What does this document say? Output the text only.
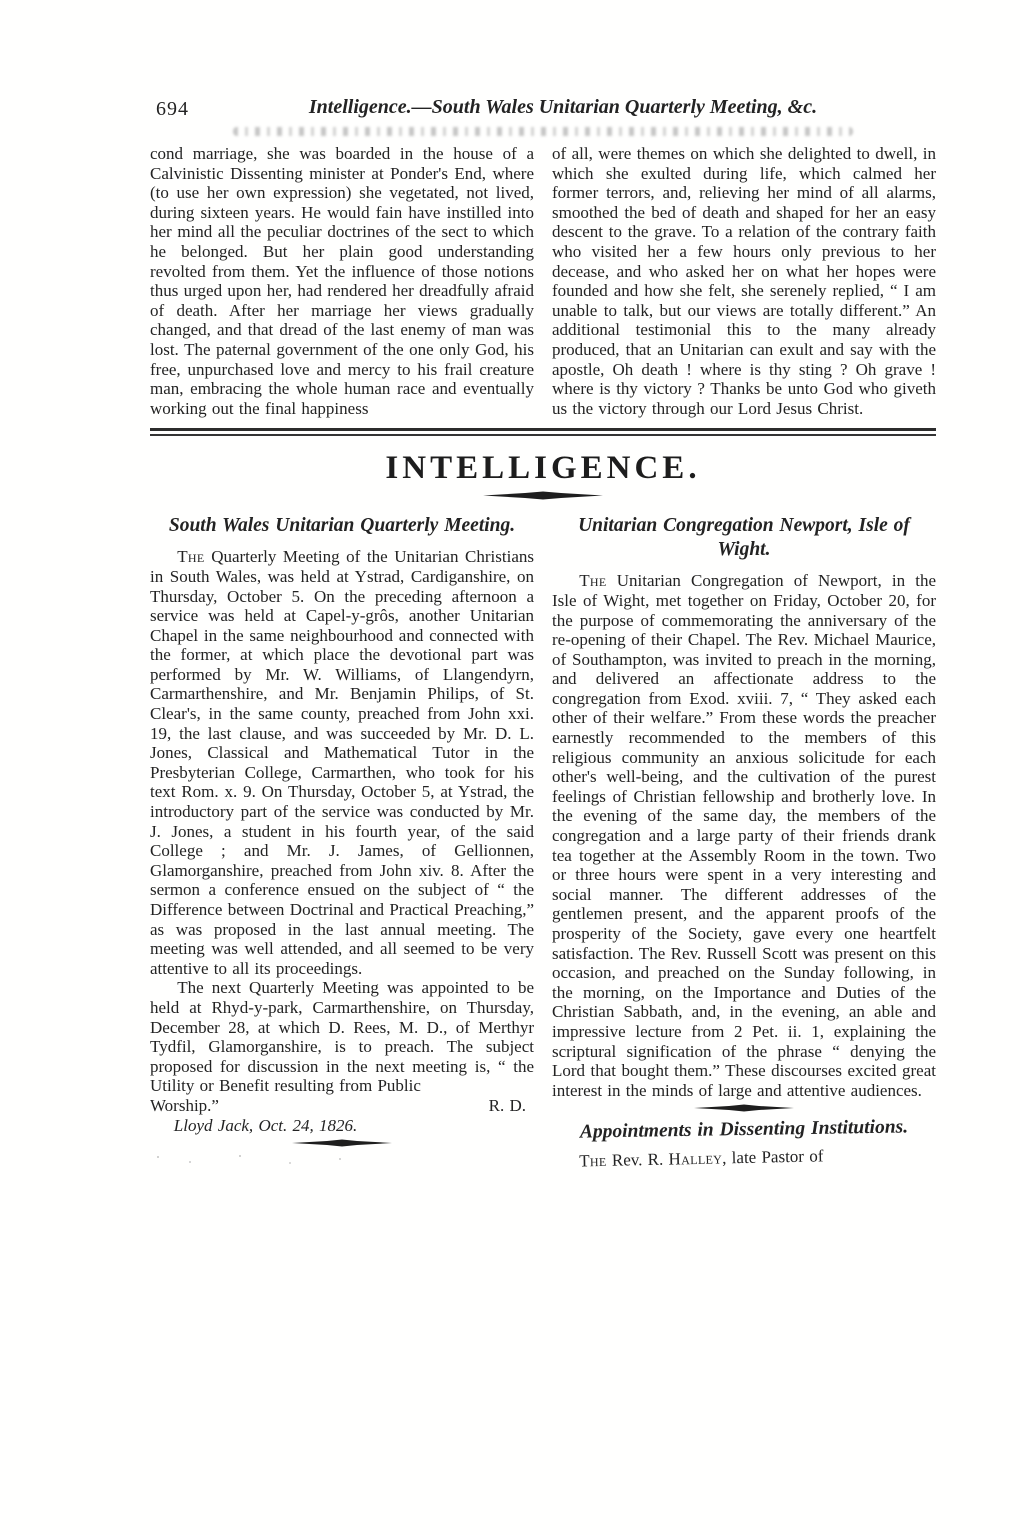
694	Intelligence.—South Wales Unitarian Quarterly Meeting, &c.

cond marriage, she was boarded in the house of a Calvinistic Dissenting minister at Ponder's End, where (to use her own expression) she vegetated, not lived, during sixteen years. He would fain have instilled into her mind all the peculiar doctrines of the sect to which he belonged. But her plain good understanding revolted from them. Yet the influence of those notions thus urged upon her, had rendered her dreadfully afraid of death. After her marriage her views gradually changed, and that dread of the last enemy of man was lost. The paternal government of the one only God, his free, unpurchased love and mercy to his frail creature man, embracing the whole human race and eventually working out the final happiness

of all, were themes on which she delighted to dwell, in which she exulted during life, which calmed her former terrors, and, relieving her mind of all alarms, smoothed the bed of death and shaped for her an easy descent to the grave. To a relation of the contrary faith who visited her a few hours only previous to her decease, and who asked her on what her hopes were founded and how she felt, she serenely replied, “ I am unable to talk, but our views are totally different.” An additional testimonial this to the many already produced, that an Unitarian can exult and say with the apostle, Oh death ! where is thy sting ? Oh grave ! where is thy victory ? Thanks be unto God who giveth us the victory through our Lord Jesus Christ.

INTELLIGENCE.
South Wales Unitarian Quarterly Meeting.

The Quarterly Meeting of the Unitarian Christians in South Wales, was held at Ystrad, Cardiganshire, on Thursday, October 5. On the preceding afternoon a service was held at Capel-y-grôs, another Unitarian Chapel in the same neighbourhood and connected with the former, at which place the devotional part was performed by Mr. W. Williams, of Llangendyrn, Carmarthenshire, and Mr. Benjamin Philips, of St. Clear's, in the same county, preached from John xxi. 19, the last clause, and was succeeded by Mr. D. L. Jones, Classical and Mathematical Tutor in the Presbyterian College, Carmarthen, who took for his text Rom. x. 9. On Thursday, October 5, at Ystrad, the introductory part of the service was conducted by Mr. J. Jones, a student in his fourth year, of the said College ; and Mr. J. James, of Gellionnen, Glamorganshire, preached from John xiv. 8. After the sermon a conference ensued on the subject of “ the Difference between Doctrinal and Practical Preaching,” as was proposed in the last annual meeting. The meeting was well attended, and all seemed to be very attentive to all its proceedings.

The next Quarterly Meeting was appointed to be held at Rhyd-y-park, Carmarthenshire, on Thursday, December 28, at which D. Rees, M. D., of Merthyr Tydfil, Glamorganshire, is to preach. The subject proposed for discussion in the next meeting is, “ the Utility or Benefit resulting from Public

Worship.”	R. D.

Lloyd Jack, Oct. 24, 1826.

Unitarian Congregation Newport, Isle of Wight.

The Unitarian Congregation of Newport, in the Isle of Wight, met together on Friday, October 20, for the purpose of commemorating the anniversary of the re-opening of their Chapel. The Rev. Michael Maurice, of Southampton, was invited to preach in the morning, and delivered an affectionate address to the congregation from Exod. xviii. 7, “ They asked each other of their welfare.” From these words the preacher earnestly recommended to the members of this religious community an anxious solicitude for each other's well-being, and the cultivation of the purest feelings of Christian fellowship and brotherly love. In the evening of the same day, the members of the congregation and a large party of their friends drank tea together at the Assembly Room in the town. Two or three hours were spent in a very interesting and social manner. The different addresses of the gentlemen present, and the apparent proofs of the prosperity of the Society, gave every one heartfelt satisfaction. The Rev. Russell Scott was present on this occasion, and preached on the Sunday following, in the morning, on the Importance and Duties of the Christian Sabbath, and, in the evening, an able and impressive lecture from 2 Pet. ii. 1, explaining the scriptural signification of the phrase “ denying the Lord that bought them.” These discourses excited great interest in the minds of large and attentive audiences.

Appointments in Dissenting Institutions.

The Rev. R. Halley, late Pastor of
